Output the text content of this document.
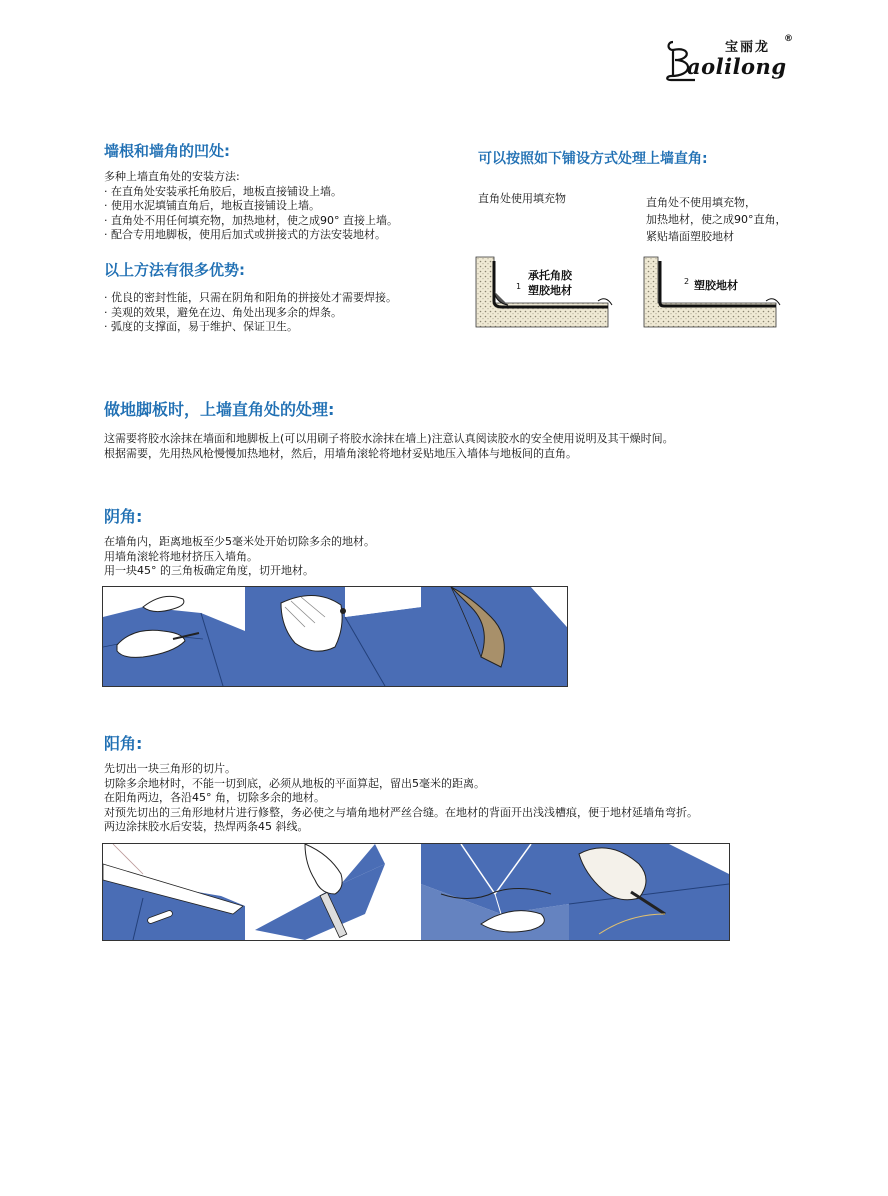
宝丽龙
®
aolilong
墙根和墙角的凹处:
多种上墙直角处的安装方法:
· 在直角处安装承托角胶后，地板直接铺设上墙。
· 使用水泥填铺直角后，地板直接铺设上墙。
· 直角处不用任何填充物，加热地材，使之成90° 直接上墙。
· 配合专用地脚板，使用后加式或拼接式的方法安装地材。
以上方法有很多优势:
· 优良的密封性能，只需在阴角和阳角的拼接处才需要焊接。
· 美观的效果，避免在边、角处出现多余的焊条。
· 弧度的支撑面，易于维护、保证卫生。
可以按照如下铺设方式处理上墙直角:
直角处使用填充物	直角处不使用填充物，
加热地材，使之成90°直角，
紧贴墙面塑胶地材
承托角胶
塑胶地材
1	塑胶地材
2
做地脚板时，上墙直角处的处理:
这需要将胶水涂抹在墙面和地脚板上(可以用刷子将胶水涂抹在墙上)注意认真阅读胶水的安全使用说明及其干燥时间。
根据需要，先用热风枪慢慢加热地材，然后，用墙角滚轮将地材妥贴地压入墙体与地板间的直角。
阴角:
在墙角内，距离地板至少5毫米处开始切除多余的地材。
用墙角滚轮将地材挤压入墙角。
用一块45° 的三角板确定角度，切开地材。
阳角:
先切出一块三角形的切片。
切除多余地材时，不能一切到底，必须从地板的平面算起，留出5毫米的距离。
在阳角两边，各沿45° 角，切除多余的地材。
对预先切出的三角形地材片进行修整，务必使之与墙角地材严丝合缝。在地材的背面开出浅浅槽痕，便于地材延墙角弯折。
两边涂抹胶水后安装，热焊两条45 斜线。
